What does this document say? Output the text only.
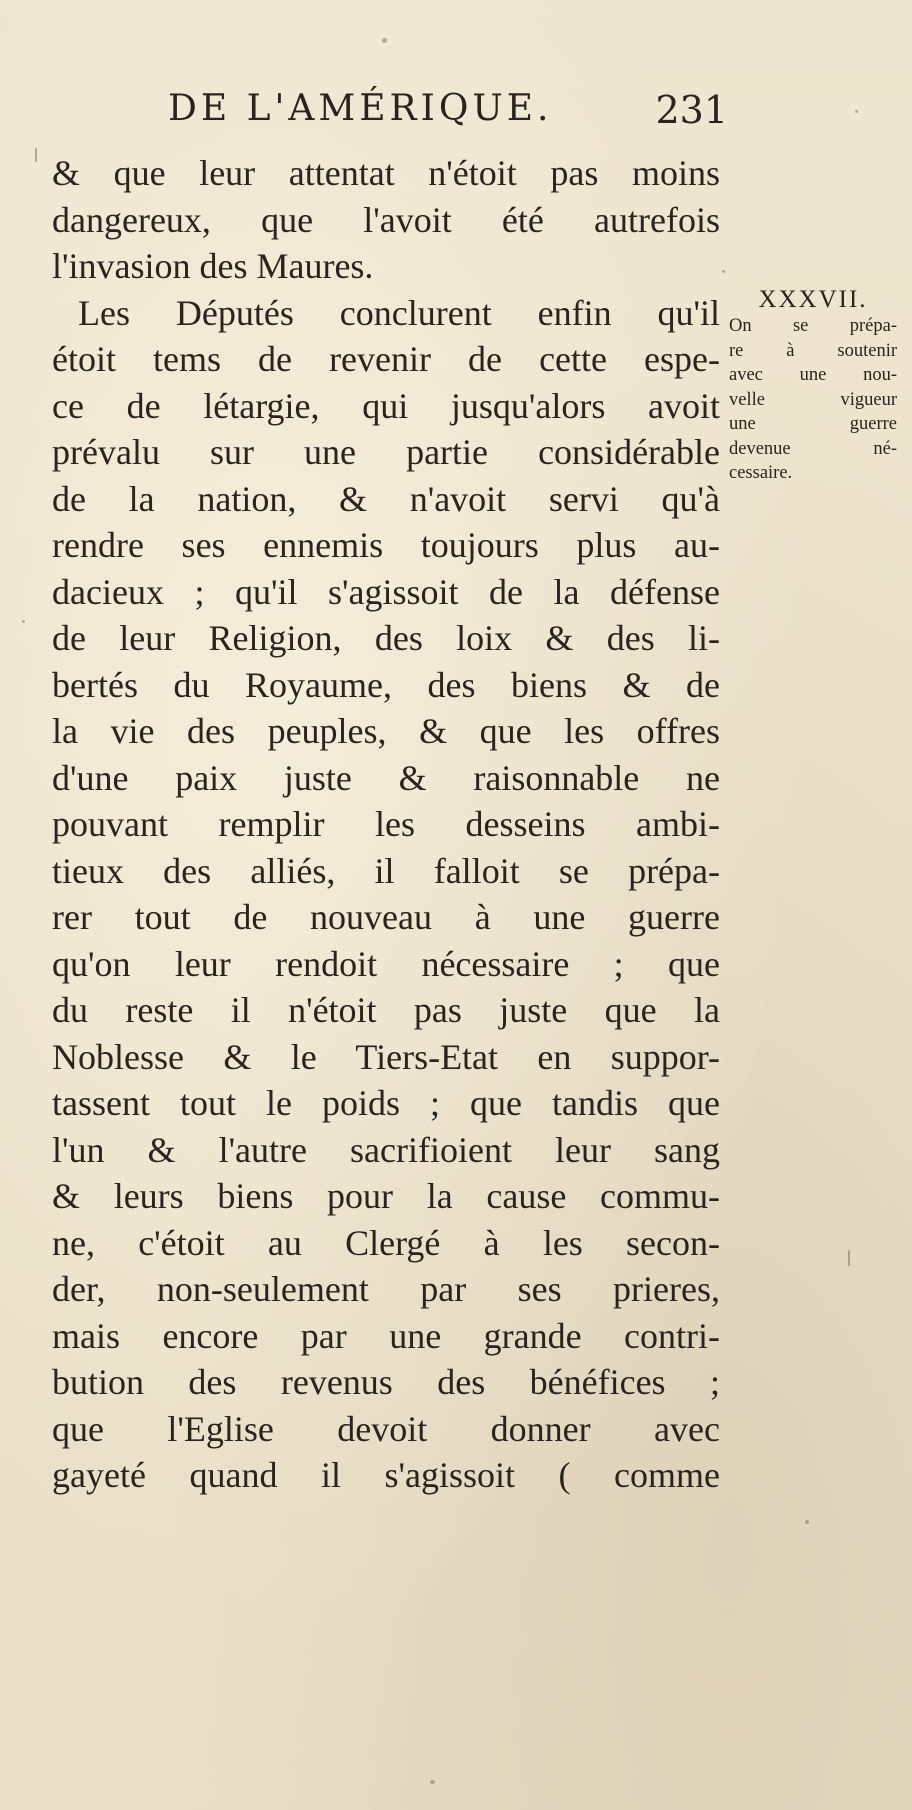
DE L'AMÉRIQUE.	231
& que leur attentat n'étoit pas moins
dangereux, que l'avoit été autrefois
l'invasion des Maures.
Les Députés conclurent enfin qu'il
étoit tems de revenir de cette espe-
ce de létargie, qui jusqu'alors avoit
prévalu sur une partie considérable
de la nation, & n'avoit servi qu'à
rendre ses ennemis toujours plus au-
dacieux ; qu'il s'agissoit de la défense
de leur Religion, des loix & des li-
bertés du Royaume, des biens & de
la vie des peuples, & que les offres
d'une paix juste & raisonnable ne
pouvant remplir les desseins ambi-
tieux des alliés, il falloit se prépa-
rer tout de nouveau à une guerre
qu'on leur rendoit nécessaire ; que
du reste il n'étoit pas juste que la
Noblesse & le Tiers-Etat en suppor-
tassent tout le poids ; que tandis que
l'un & l'autre sacrifioient leur sang
& leurs biens pour la cause commu-
ne, c'étoit au Clergé à les secon-
der, non-seulement par ses prieres,
mais encore par une grande contri-
bution des revenus des bénéfices ;
que l'Eglise devoit donner avec
gayeté quand il s'agissoit ( comme
XXXVII.
On se prépa-
re à soutenir
avec une nou-
velle vigueur
une guerre
devenue né-
cessaire.
